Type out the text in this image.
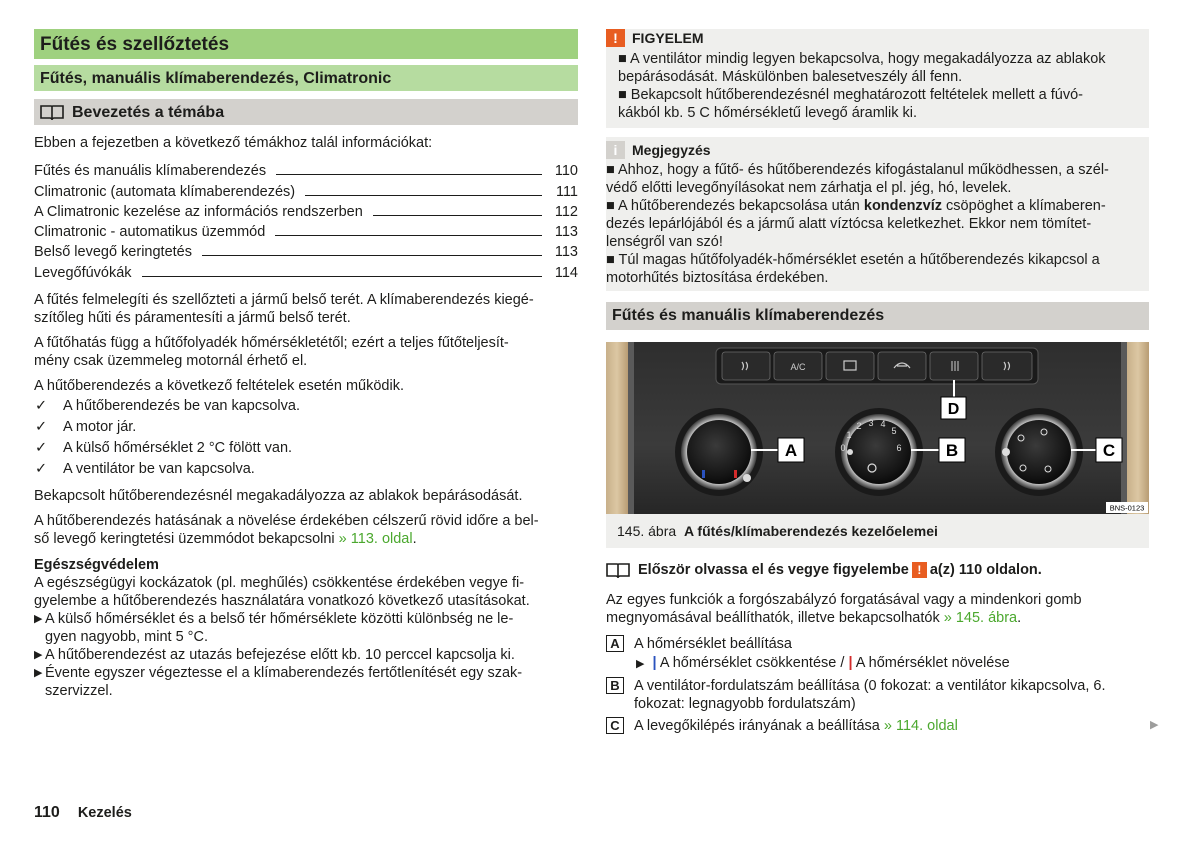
Fűtés és szellőztetés
Fűtés, manuális klímaberendezés, Climatronic
Bevezetés a témába
Ebben a fejezetben a következő témákhoz talál információkat:
Fűtés és manuális klímaberendezés	110
Climatronic (automata klímaberendezés)	111
A Climatronic kezelése az információs rendszerben	112
Climatronic - automatikus üzemmód	113
Belső levegő keringtetés	113
Levegőfúvókák	114
A fűtés felmelegíti és szellőzteti a jármű belső terét. A klímaberendezés kiegé-
szítőleg hűti és páramentesíti a jármű belső terét.
A fűtőhatás függ a hűtőfolyadék hőmérsékletétől; ezért a teljes fűtőteljesít-
mény csak üzemmeleg motornál érhető el.
A hűtőberendezés a következő feltételek esetén működik.
✓	A hűtőberendezés be van kapcsolva.
✓	A motor jár.
✓	A külső hőmérséklet 2 °C fölött van.
✓	A ventilátor be van kapcsolva.
Bekapcsolt hűtőberendezésnél megakadályozza az ablakok bepárásodását.
A hűtőberendezés hatásának a növelése érdekében célszerű rövid időre a bel-
ső levegő keringtetési üzemmódot bekapcsolni » 113. oldal.
Egészségvédelem
A egészségügyi kockázatok (pl. meghűlés) csökkentése érdekében vegye fi-
gyelembe a hűtőberendezés használatára vonatkozó következő utasításokat.
▶ A külső hőmérséklet és a belső tér hőmérséklete közötti különbség ne le-
gyen nagyobb, mint 5 °C.
▶ A hűtőberendezést az utazás befejezése előtt kb. 10 perccel kapcsolja ki.
▶ Évente egyszer végeztesse el a klímaberendezés fertőtlenítését egy szak-
szervizzel.
!	FIGYELEM
■ A ventilátor mindig legyen bekapcsolva, hogy megakadályozza az ablakok
bepárásodását. Máskülönben balesetveszély áll fenn.
■ Bekapcsolt hűtőberendezésnél meghatározott feltételek mellett a fúvó-
kákból kb. 5 C hőmérsékletű levegő áramlik ki.
i	Megjegyzés
■ Ahhoz, hogy a fűtő- és hűtőberendezés kifogástalanul működhessen, a szél-
védő előtti levegőnyílásokat nem zárhatja el pl. jég, hó, levelek.
■ A hűtőberendezés bekapcsolása után kondenzvíz csöpöghet a klímaberen-
dezés lepárlójából és a jármű alatt víztócsa keletkezhet. Ekkor nem tömítet-
lenségről van szó!
■ Túl magas hűtőfolyadék-hőmérséklet esetén a hűtőberendezés kikapcsol a
motorhűtés biztosítása érdekében.
Fűtés és manuális klímaberendezés
A/C
D
0
1
2 3 4
5
6
A	B	C
BNS-0123
145. ábra A fűtés/klímaberendezés kezelőelemei
Először olvassa el és vegye figyelembe ! a(z) 110 oldalon.
Az egyes funkciók a forgószabályzó forgatásával vagy a mindenkori gomb
megnyomásával beállíthatók, illetve bekapcsolhatók » 145. ábra.
A A hőmérséklet beállítása
▶ | A hőmérséklet csökkentése / | A hőmérséklet növelése
B A ventilátor-fordulatszám beállítása (0 fokozat: a ventilátor kikapcsolva, 6.
fokozat: legnagyobb fordulatszám)
C A levegőkilépés irányának a beállítása » 114. oldal	▶
110 Kezelés
